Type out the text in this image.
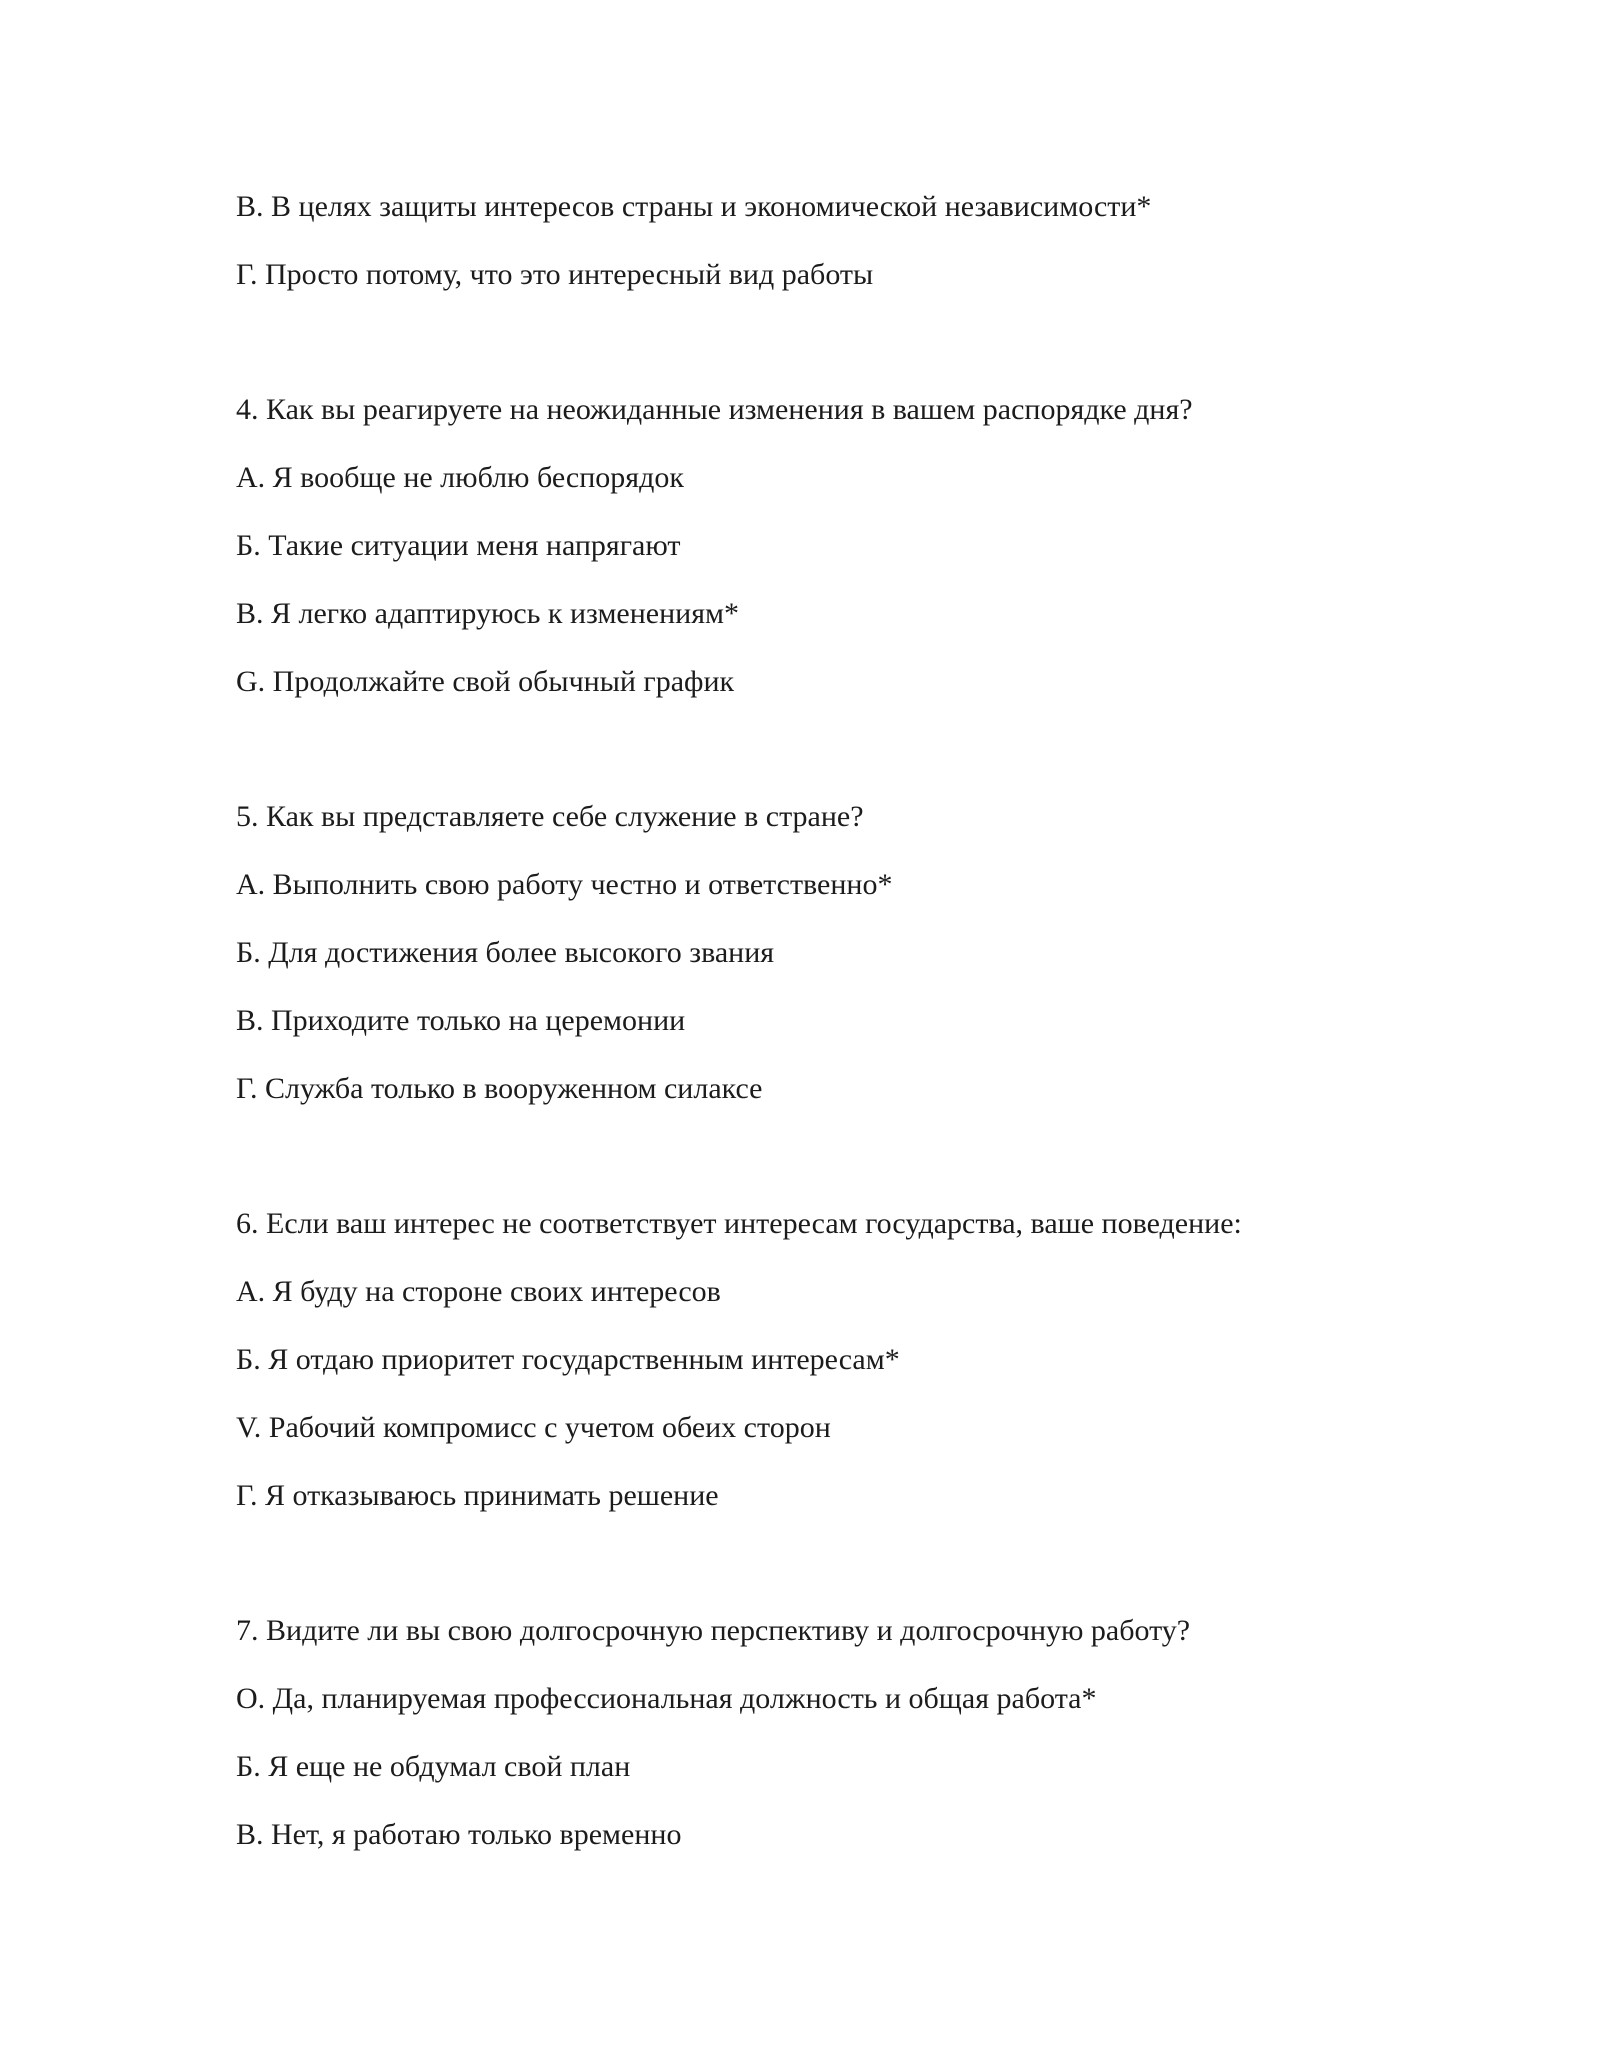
В. В целях защиты интересов страны и экономической независимости*
Г. Просто потому, что это интересный вид работы
4. Как вы реагируете на неожиданные изменения в вашем распорядке дня?
А. Я вообще не люблю беспорядок
Б. Такие ситуации меня напрягают
В. Я легко адаптируюсь к изменениям*
G. Продолжайте свой обычный график
5. Как вы представляете себе служение в стране?
А. Выполнить свою работу честно и ответственно*
Б. Для достижения более высокого звания
В. Приходите только на церемонии
Г. Служба только в вооруженном силаксе
6. Если ваш интерес не соответствует интересам государства, ваше поведение:
А. Я буду на стороне своих интересов
Б. Я отдаю приоритет государственным интересам*
V. Рабочий компромисс с учетом обеих сторон
Г. Я отказываюсь принимать решение
7. Видите ли вы свою долгосрочную перспективу и долгосрочную работу?
О. Да, планируемая профессиональная должность и общая работа*
Б. Я еще не обдумал свой план
В. Нет, я работаю только временно
